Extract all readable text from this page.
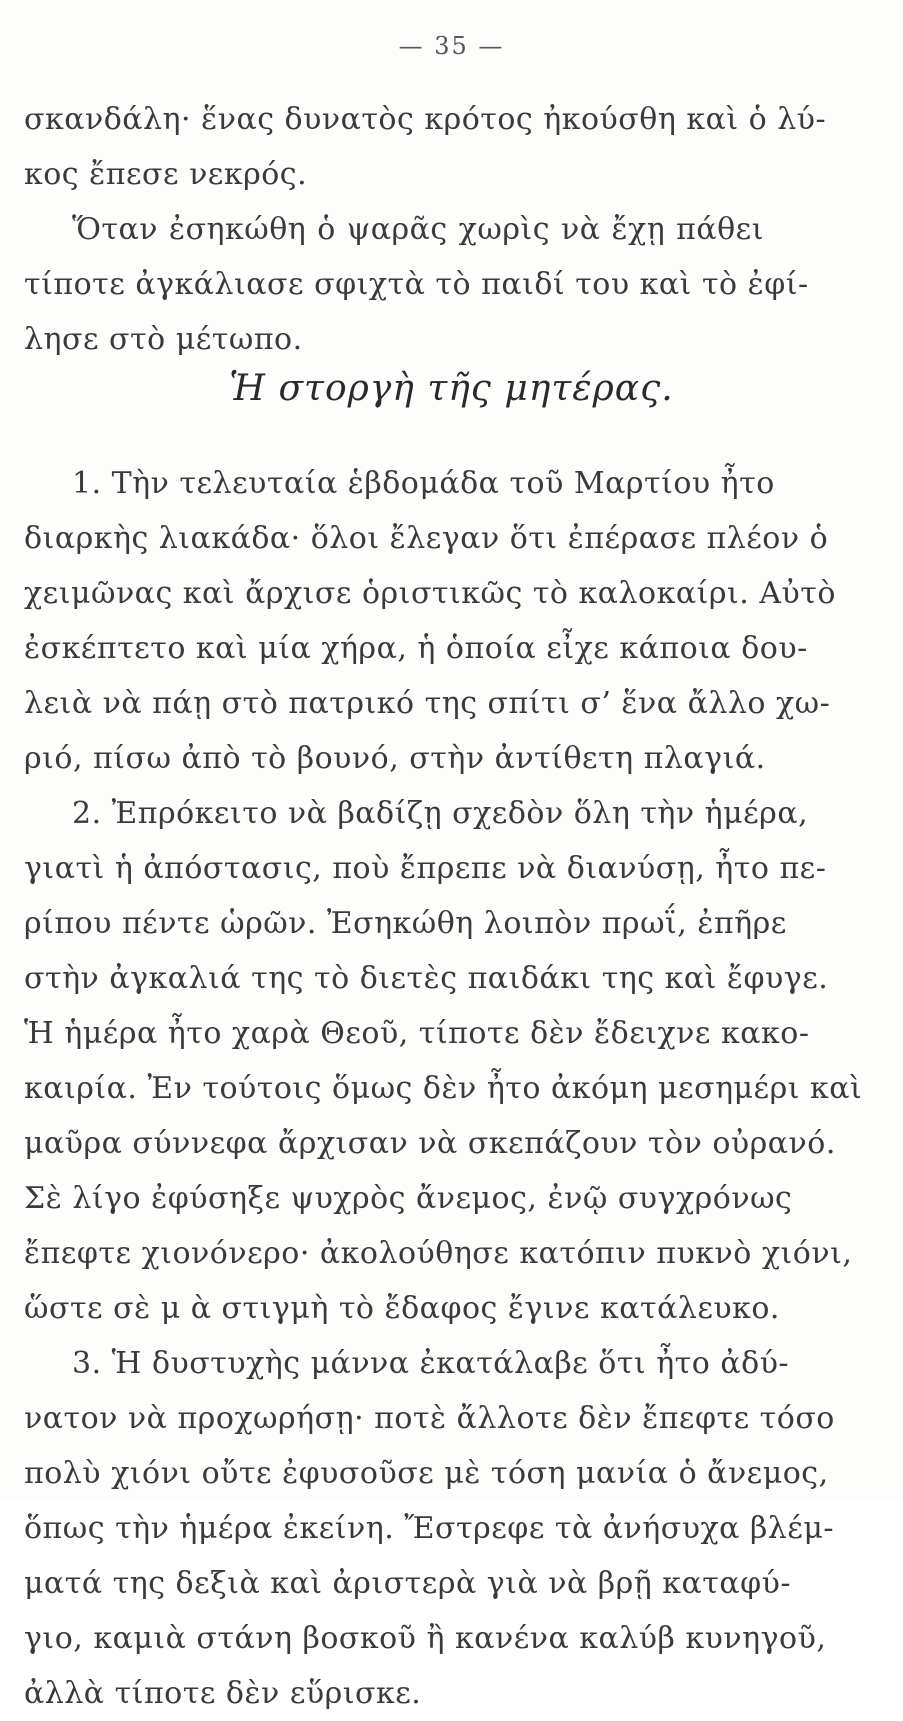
— 35 —
σκανδάλη· ἕνας δυνατὸς κρότος ἠκούσθη καὶ ὁ λύ-
κος ἔπεσε νεκρός.
Ὅταν ἐσηκώθη ὁ ψαρᾶς χωρὶς νὰ ἔχῃ πάθει
τίποτε ἀγκάλιασε σφιχτὰ τὸ παιδί του καὶ τὸ ἐφί-
λησε στὸ μέτωπο.
Ἡ στοργὴ τῆς μητέρας.
1. Τὴν τελευταία ἑβδομάδα τοῦ Μαρτίου ἦτο
διαρκὴς λιακάδα· ὅλοι ἔλεγαν ὅτι ἐπέρασε πλέον ὁ
χειμῶνας καὶ ἄρχισε ὁριστικῶς τὸ καλοκαίρι. Αὐτὸ
ἐσκέπτετο καὶ μία χήρα, ἡ ὁποία εἶχε κάποια δου-
λειὰ νὰ πάῃ στὸ πατρικό της σπίτι σ’ ἕνα ἄλλο χω-
ριό, πίσω ἀπὸ τὸ βουνό, στὴν ἀντίθετη πλαγιά.
2. Ἐπρόκειτο νὰ βαδίζῃ σχεδὸν ὅλη τὴν ἡμέρα,
γιατὶ ἡ ἀπόστασις, ποὺ ἔπρεπε νὰ διανύσῃ, ἦτο πε-
ρίπου πέντε ὡρῶν. Ἐσηκώθη λοιπὸν πρωΐ, ἐπῆρε
στὴν ἀγκαλιά της τὸ διετὲς παιδάκι της καὶ ἔφυγε.
Ἡ ἡμέρα ἦτο χαρὰ Θεοῦ, τίποτε δὲν ἔδειχνε κακο-
καιρία. Ἐν τούτοις ὅμως δὲν ἦτο ἀκόμη μεσημέρι καὶ
μαῦρα σύννεφα ἄρχισαν νὰ σκεπάζουν τὸν οὐρανό.
Σὲ λίγο ἐφύσηξε ψυχρὸς ἄνεμος, ἐνῷ συγχρόνως
ἔπεφτε χιονόνερο· ἀκολούθησε κατόπιν πυκνὸ χιόνι,
ὥστε σὲ μ ὰ στιγμὴ τὸ ἔδαφος ἔγινε κατάλευκο.
3. Ἡ δυστυχὴς μάννα ἐκατάλαβε ὅτι ἦτο ἀδύ-
νατον νὰ προχωρήσῃ· ποτὲ ἄλλοτε δὲν ἔπεφτε τόσο
πολὺ χιόνι οὔτε ἐφυσοῦσε μὲ τόση μανία ὁ ἄνεμος,
ὅπως τὴν ἡμέρα ἐκείνη. Ἔστρεφε τὰ ἀνήσυχα βλέμ-
ματά της δεξιὰ καὶ ἀριστερὰ γιὰ νὰ βρῇ καταφύ-
γιο, καμιὰ στάνη βοσκοῦ ἢ κανένα καλύβ κυνηγοῦ,
ἀλλὰ τίποτε δὲν εὕρισκε.
